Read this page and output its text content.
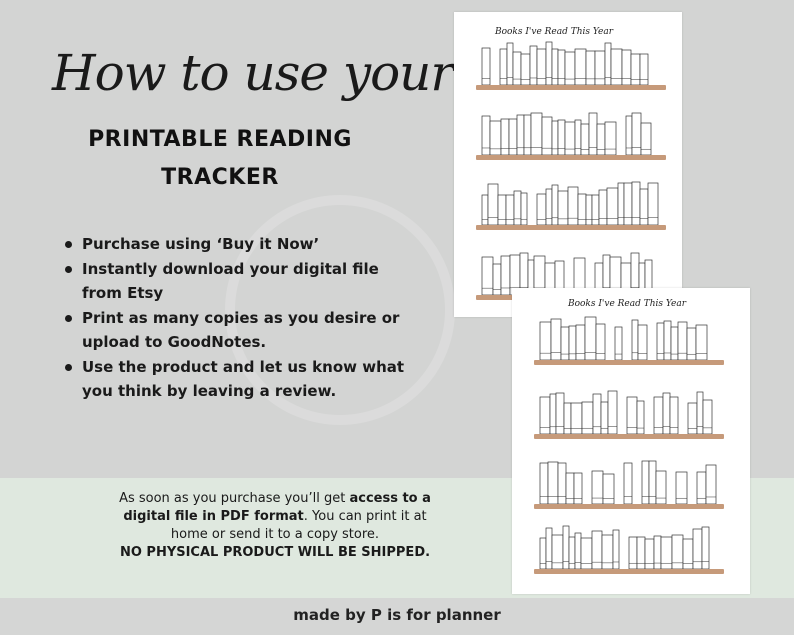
How to use your
PRINTABLE READING
TRACKER
Purchase using ‘Buy it Now’
Instantly download your digital file from Etsy
Print as many copies as you desire or upload to GoodNotes.
Use the product and let us know what you think by leaving a review.
As soon as you purchase you’ll get access to a digital file in PDF format. You can print it at home or send it to a copy store.
NO PHYSICAL PRODUCT WILL BE SHIPPED.
made by P is for planner
Books I've Read This Year
Books I've Read This Year
